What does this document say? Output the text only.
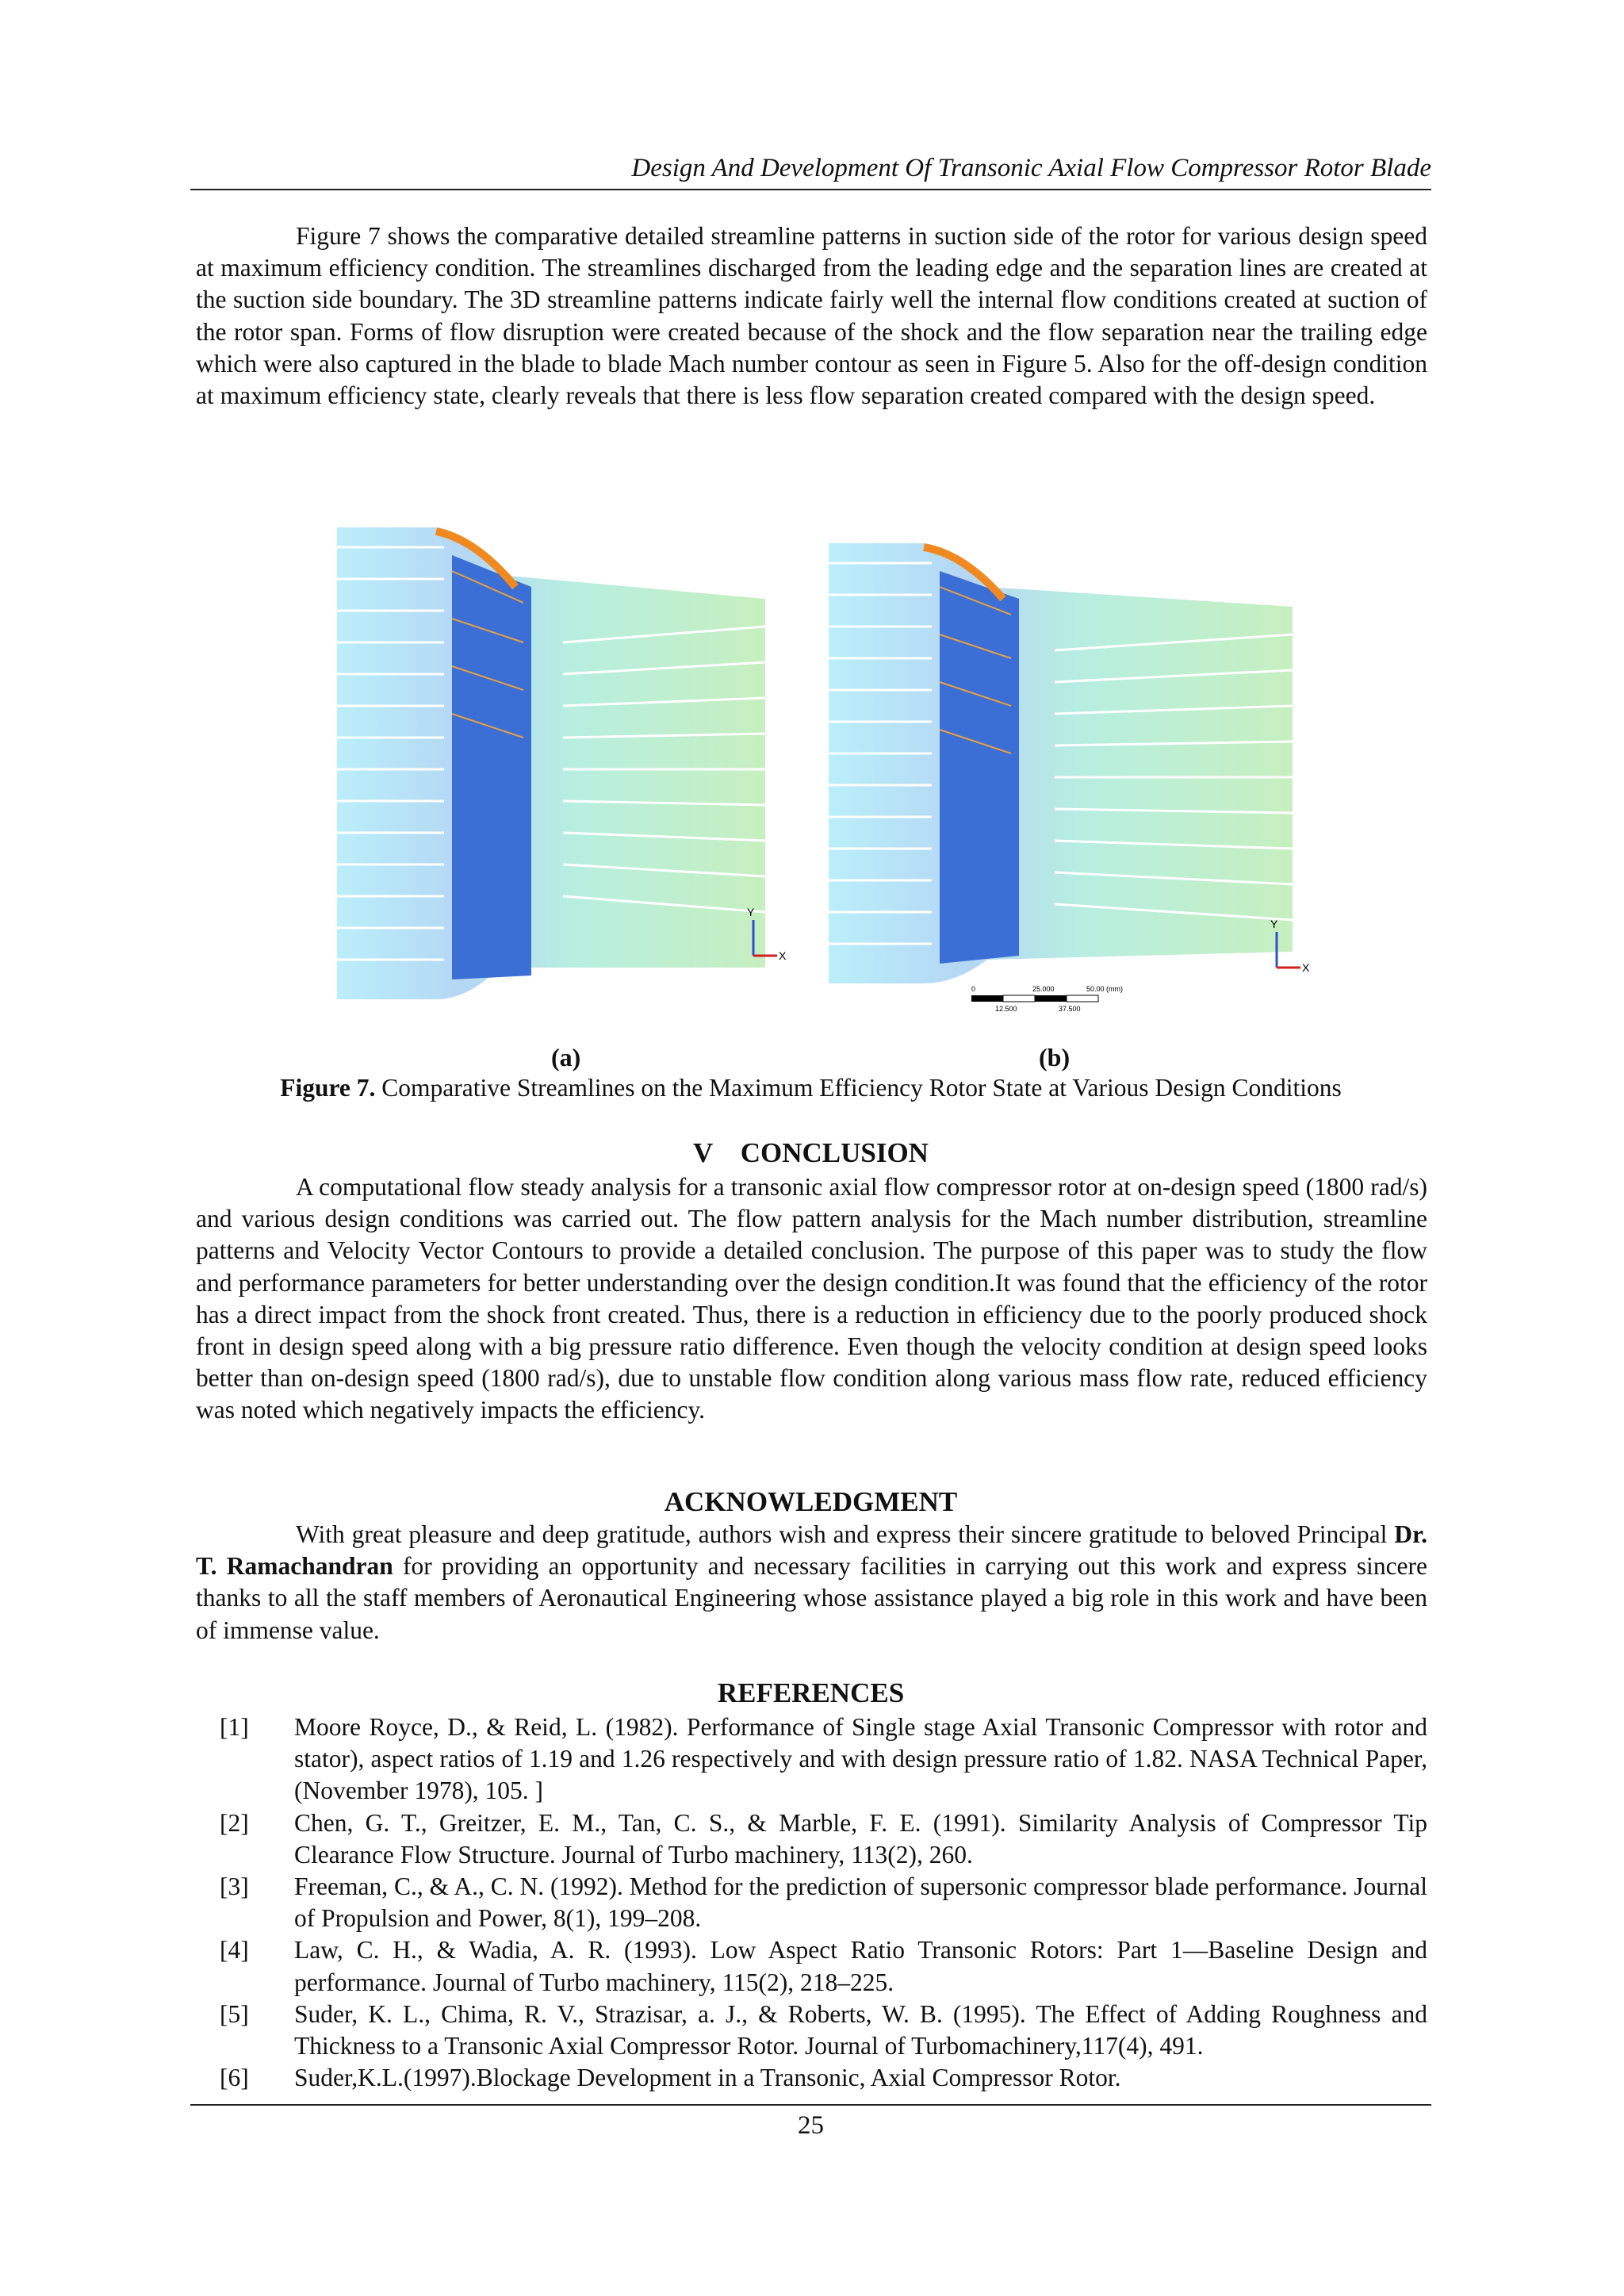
Design And Development Of Transonic Axial Flow Compressor Rotor Blade

Figure 7 shows the comparative detailed streamline patterns in suction side of the rotor for various design speed at maximum efficiency condition. The streamlines discharged from the leading edge and the separation lines are created at the suction side boundary. The 3D streamline patterns indicate fairly well the internal flow conditions created at suction of the rotor span. Forms of flow disruption were created because of the shock and the flow separation near the trailing edge which were also captured in the blade to blade Mach number contour as seen in Figure 5. Also for the off-design condition at maximum efficiency state, clearly reveals that there is less flow separation created compared with the design speed.

Y
X
0	25.000	50.00 (mm)
12.500	37.500
Y
X
(a)	(b)
Figure 7. Comparative Streamlines on the Maximum Efficiency Rotor State at Various Design Conditions
V    CONCLUSION

A computational flow steady analysis for a transonic axial flow compressor rotor at on-design speed (1800 rad/s) and various design conditions was carried out. The flow pattern analysis for the Mach number distribution, streamline patterns and Velocity Vector Contours to provide a detailed conclusion. The purpose of this paper was to study the flow and performance parameters for better understanding over the design condition.It was found that the efficiency of the rotor has a direct impact from the shock front created. Thus, there is a reduction in efficiency due to the poorly produced shock front in design speed along with a big pressure ratio difference. Even though the velocity condition at design speed looks better than on-design speed (1800 rad/s), due to unstable flow condition along various mass flow rate, reduced efficiency was noted which negatively impacts the efficiency.

ACKNOWLEDGMENT

With great pleasure and deep gratitude, authors wish and express their sincere gratitude to beloved Principal Dr. T. Ramachandran for providing an opportunity and necessary facilities in carrying out this work and express sincere thanks to all the staff members of Aeronautical Engineering whose assistance played a big role in this work and have been of immense value.

REFERENCES
[1]	Moore Royce, D., & Reid, L. (1982). Performance of Single stage Axial Transonic Compressor with rotor and stator), aspect ratios of 1.19 and 1.26 respectively and with design pressure ratio of 1.82. NASA Technical Paper, (November 1978), 105. ]
[2]	Chen, G. T., Greitzer, E. M., Tan, C. S., & Marble, F. E. (1991). Similarity Analysis of Compressor Tip Clearance Flow Structure. Journal of Turbo machinery, 113(2), 260.
[3]	Freeman, C., & A., C. N. (1992). Method for the prediction of supersonic compressor blade performance. Journal of Propulsion and Power, 8(1), 199–208.
[4]	Law, C. H., & Wadia, A. R. (1993). Low Aspect Ratio Transonic Rotors: Part 1—Baseline Design and performance. Journal of Turbo machinery, 115(2), 218–225.
[5]	Suder, K. L., Chima, R. V., Strazisar, a. J., & Roberts, W. B. (1995). The Effect of Adding Roughness and Thickness to a Transonic Axial Compressor Rotor. Journal of Turbomachinery,117(4), 491.
[6]	Suder,K.L.(1997).Blockage Development in a Transonic, Axial Compressor Rotor.
25
